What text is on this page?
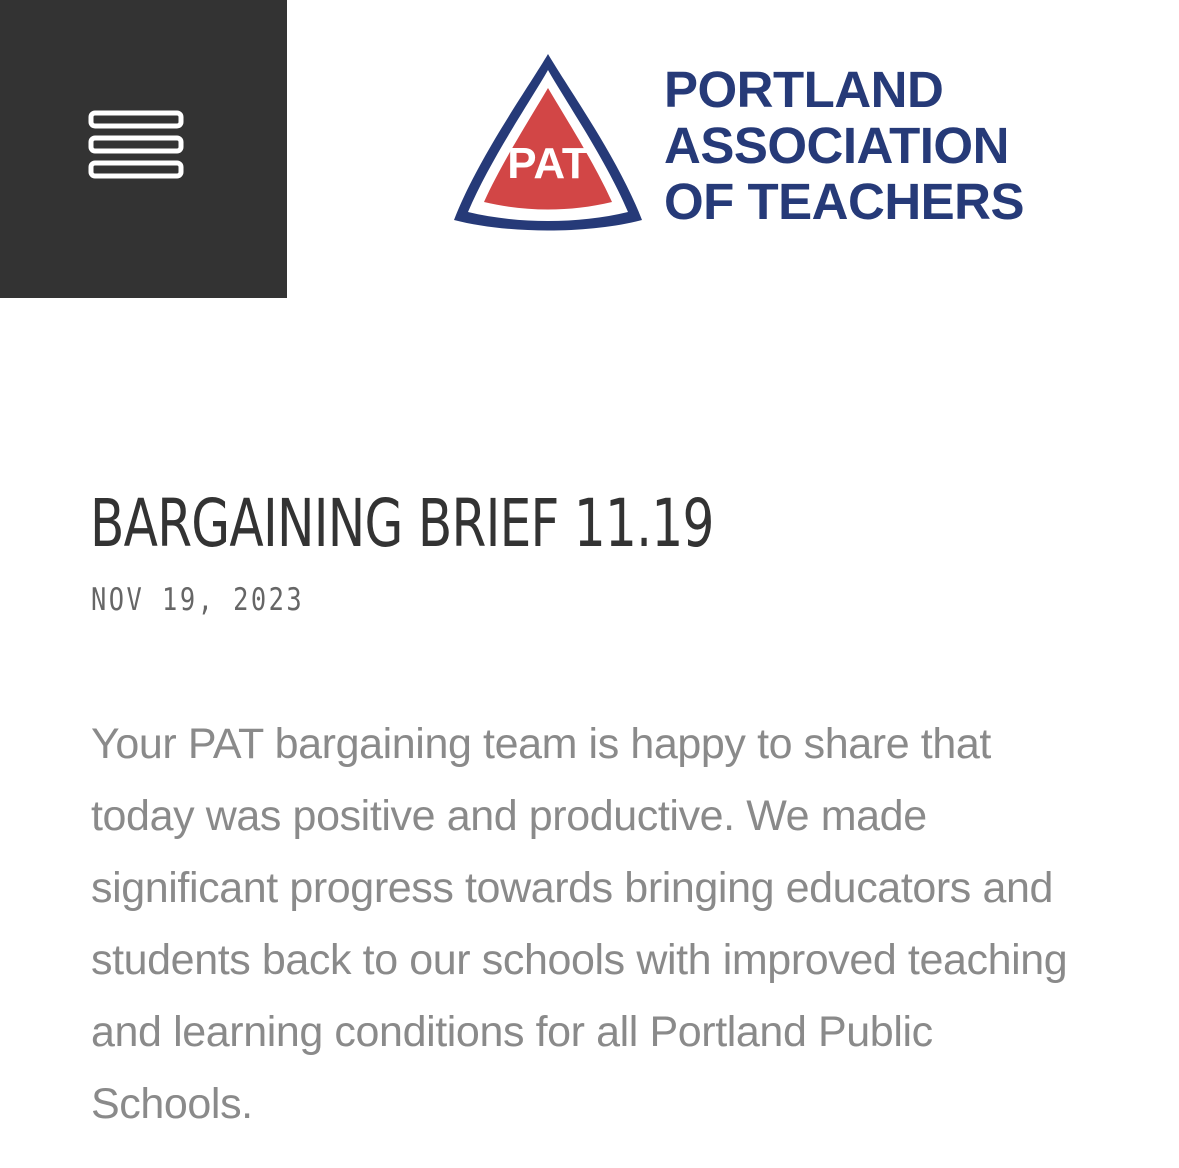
PAT
PORTLAND
ASSOCIATION
OF TEACHERS
BARGAINING BRIEF 11.19
NOV 19, 2023

Your PAT bargaining team is happy to share that today was positive and productive. We made significant progress towards bringing educators and students back to our schools with improved teaching and learning conditions for all Portland Public Schools.
